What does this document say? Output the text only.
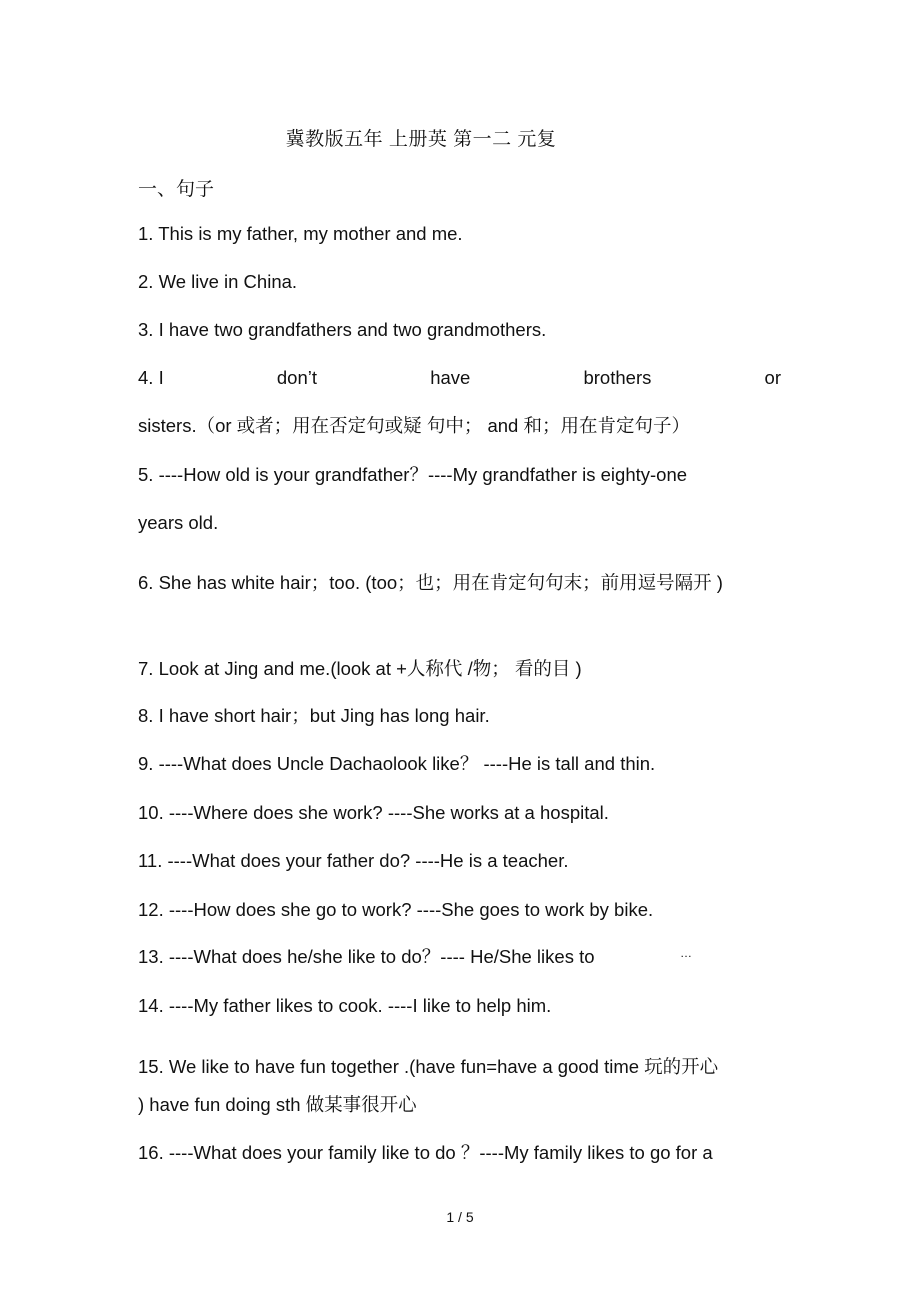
冀教版五年 上册英 第一二 元复
一、句子
1. This is my father, my mother and me.
2. We live in China.
3. I have two grandfathers and two grandmothers.
4. I	don’t	have	brothers	or
sisters.（or 或者；用在否定句或疑 句中； and 和；用在肯定句子）
5. ----How old is your grandfather？----My grandfather is eighty-one
years old.
6. She has white hair；too. (too；也；用在肯定句句末；前用逗号隔开 )
7. Look at Jing and me.(look at +人称代 /物； 看的目 )
8. I have short hair；but Jing has long hair.
9. ----What does Uncle Dachaolook like？ ----He is tall and thin.
10. ----Where does she work? ----She works at a hospital.
11. ----What does your father do? ----He is a teacher.
12. ----How does she go to work? ----She goes to work by bike.
13. ----What does he/she like to do？---- He/She likes to	…
14. ----My father likes to cook. ----I like to help him.
15. We like to have fun together .(have fun=have a good time 玩的开心
) have fun doing sth 做某事很开心
16. ----What does your family like to do ？----My family likes to go for a
1 / 5
